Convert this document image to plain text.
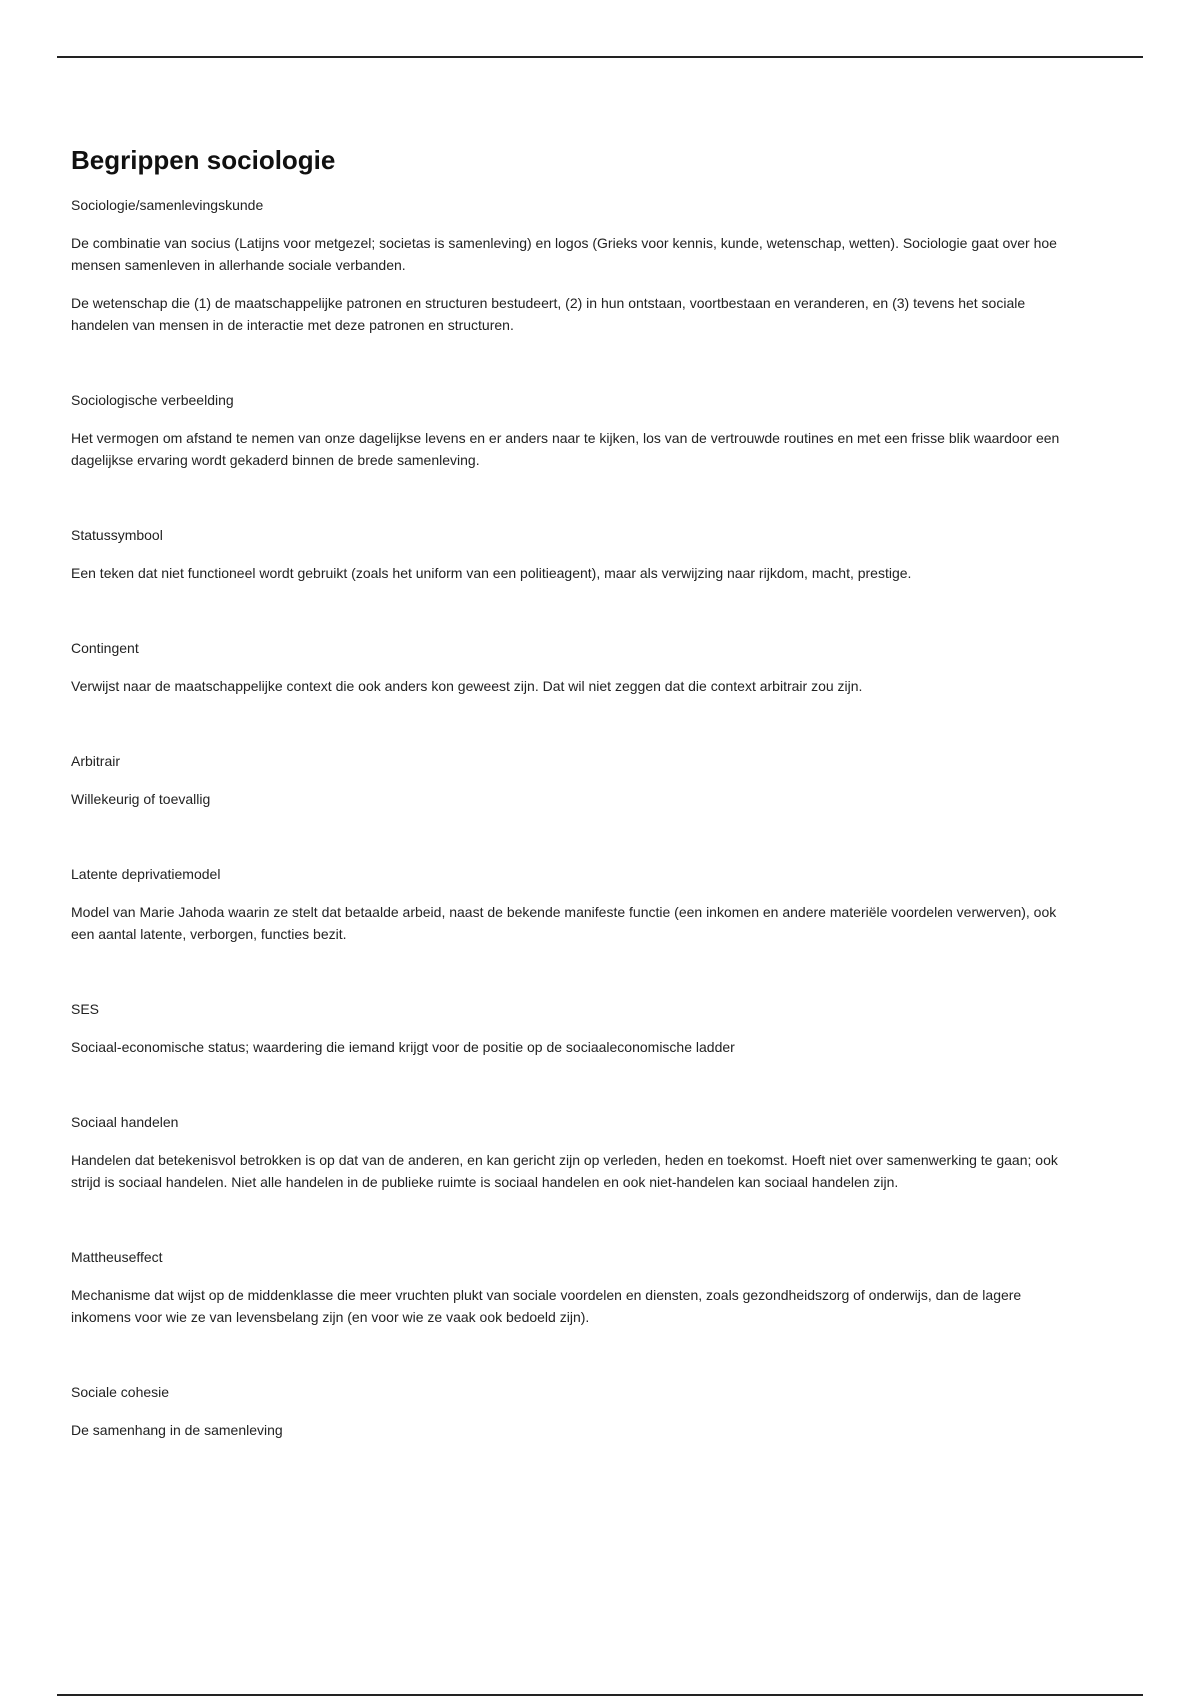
Begrippen sociologie
Sociologie/samenlevingskunde

De combinatie van socius (Latijns voor metgezel; societas is samenleving) en logos (Grieks voor kennis, kunde, wetenschap, wetten). Sociologie gaat over hoe mensen samenleven in allerhande sociale verbanden.

De wetenschap die (1) de maatschappelijke patronen en structuren bestudeert, (2) in hun ontstaan, voortbestaan en veranderen, en (3) tevens het sociale handelen van mensen in de interactie met deze patronen en structuren.

Sociologische verbeelding

Het vermogen om afstand te nemen van onze dagelijkse levens en er anders naar te kijken, los van de vertrouwde routines en met een frisse blik waardoor een dagelijkse ervaring wordt gekaderd binnen de brede samenleving.

Statussymbool

Een teken dat niet functioneel wordt gebruikt (zoals het uniform van een politieagent), maar als verwijzing naar rijkdom, macht, prestige.

Contingent

Verwijst naar de maatschappelijke context die ook anders kon geweest zijn. Dat wil niet zeggen dat die context arbitrair zou zijn.

Arbitrair

Willekeurig of toevallig

Latente deprivatiemodel

Model van Marie Jahoda waarin ze stelt dat betaalde arbeid, naast de bekende manifeste functie (een inkomen en andere materiële voordelen verwerven), ook een aantal latente, verborgen, functies bezit.

SES

Sociaal-economische status; waardering die iemand krijgt voor de positie op de sociaaleconomische ladder

Sociaal handelen

Handelen dat betekenisvol betrokken is op dat van de anderen, en kan gericht zijn op verleden, heden en toekomst. Hoeft niet over samenwerking te gaan; ook strijd is sociaal handelen. Niet alle handelen in de publieke ruimte is sociaal handelen en ook niet-handelen kan sociaal handelen zijn.

Mattheuseffect

Mechanisme dat wijst op de middenklasse die meer vruchten plukt van sociale voordelen en diensten, zoals gezondheidszorg of onderwijs, dan de lagere inkomens voor wie ze van levensbelang zijn (en voor wie ze vaak ook bedoeld zijn).

Sociale cohesie

De samenhang in de samenleving
